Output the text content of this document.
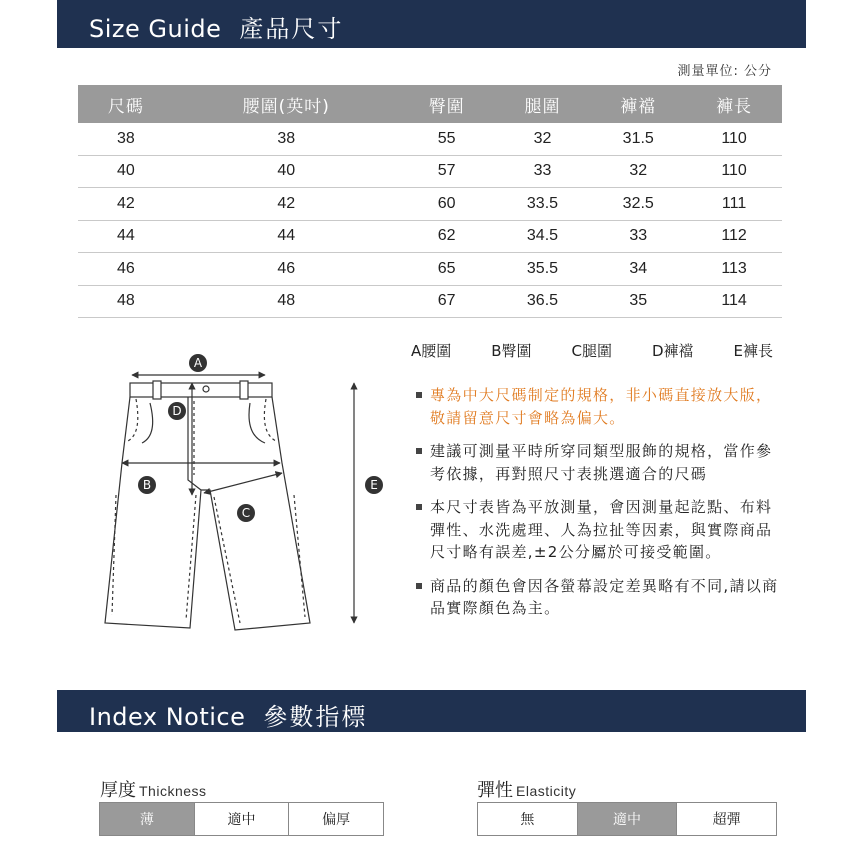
Size Guide 產品尺寸
測量單位: 公分
尺碼	腰圍(英吋)	臀圍	腿圍	褲襠	褲長
38	38	55	32	31.5	110
40	40	57	33	32	110
42	42	60	33.5	32.5	111
44	44	62	34.5	33	112
46	46	65	35.5	34	113
48	48	67	36.5	35	114
A
B
C
D
E
A腰圍	B臀圍	C腿圍	D褲襠	E褲長
專為中大尺碼制定的規格，非小碼直接放大版，敬請留意尺寸會略為偏大。
建議可測量平時所穿同類型服飾的規格，當作參考依據，再對照尺寸表挑選適合的尺碼
本尺寸表皆為平放測量，會因測量起訖點、布料彈性、水洗處理、人為拉扯等因素，與實際商品尺寸略有誤差,±2公分屬於可接受範圍。
商品的顏色會因各螢幕設定差異略有不同,請以商品實際顏色為主。
Index Notice 參數指標
厚度 Thickness
薄	適中	偏厚
彈性 Elasticity
無	適中	超彈
